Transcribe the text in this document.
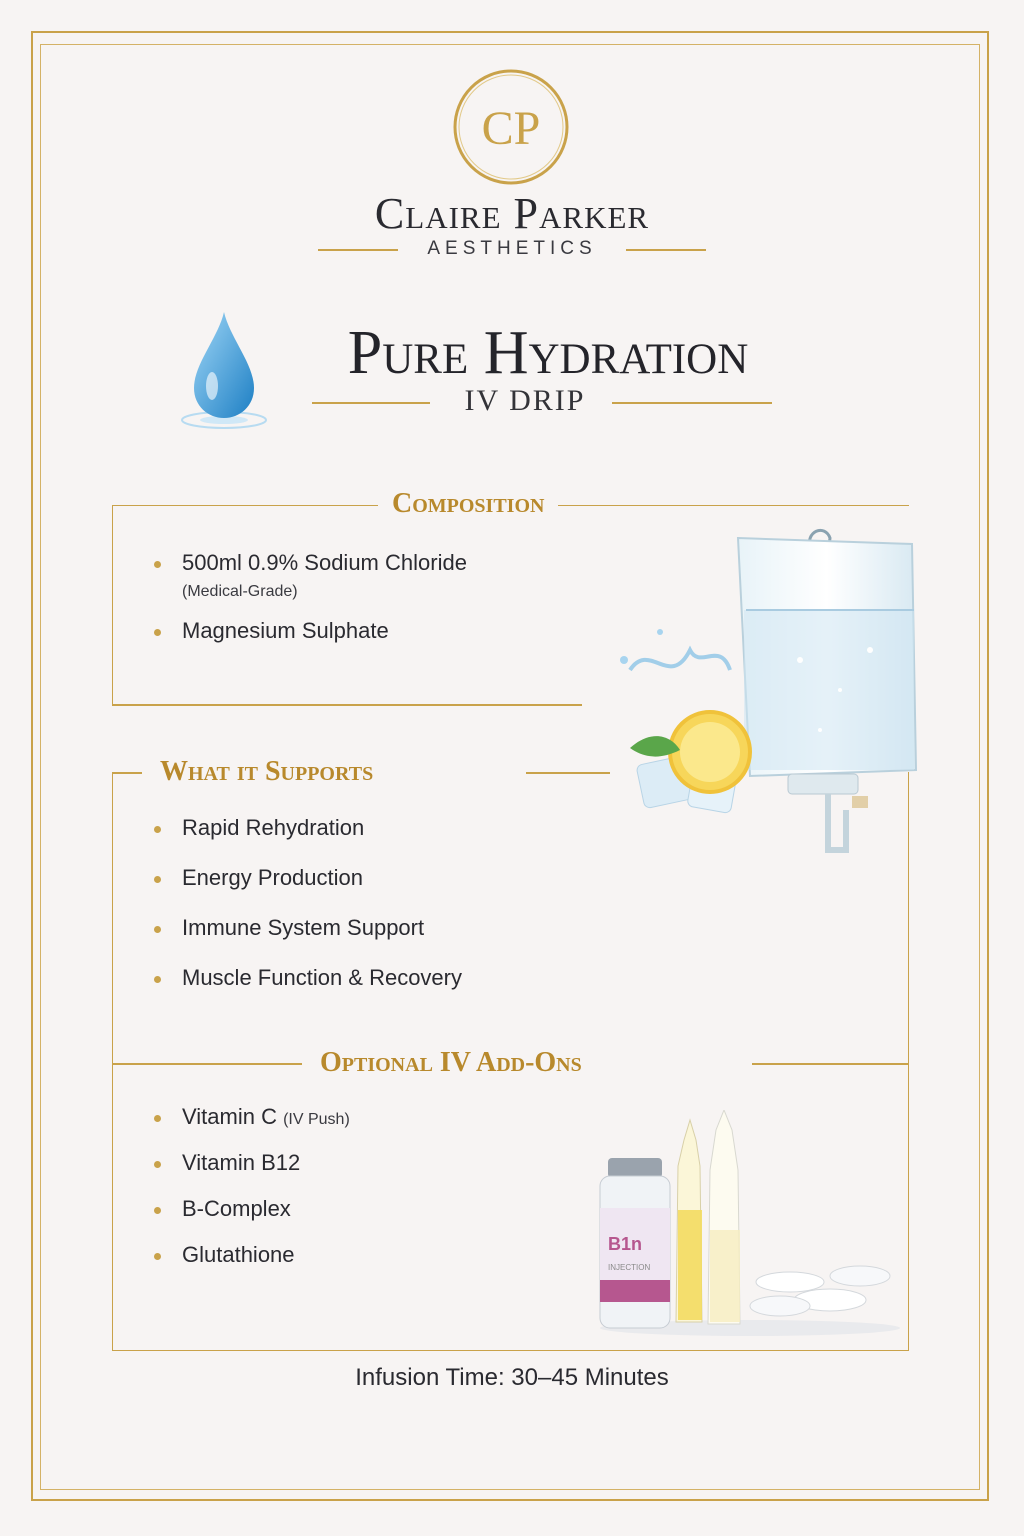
CP
Claire Parker
AESTHETICS
Pure Hydration
IV DRIP
Composition
500ml 0.9% Sodium Chloride
(Medical-Grade)
Magnesium Sulphate
What it Supports
Rapid Rehydration
Energy Production
Immune System Support
Muscle Function & Recovery
Optional IV Add-Ons
Vitamin C (IV Push)
Vitamin B12
B-Complex
Glutathione	B1n
INJECTION
Infusion Time: 30–45 Minutes
